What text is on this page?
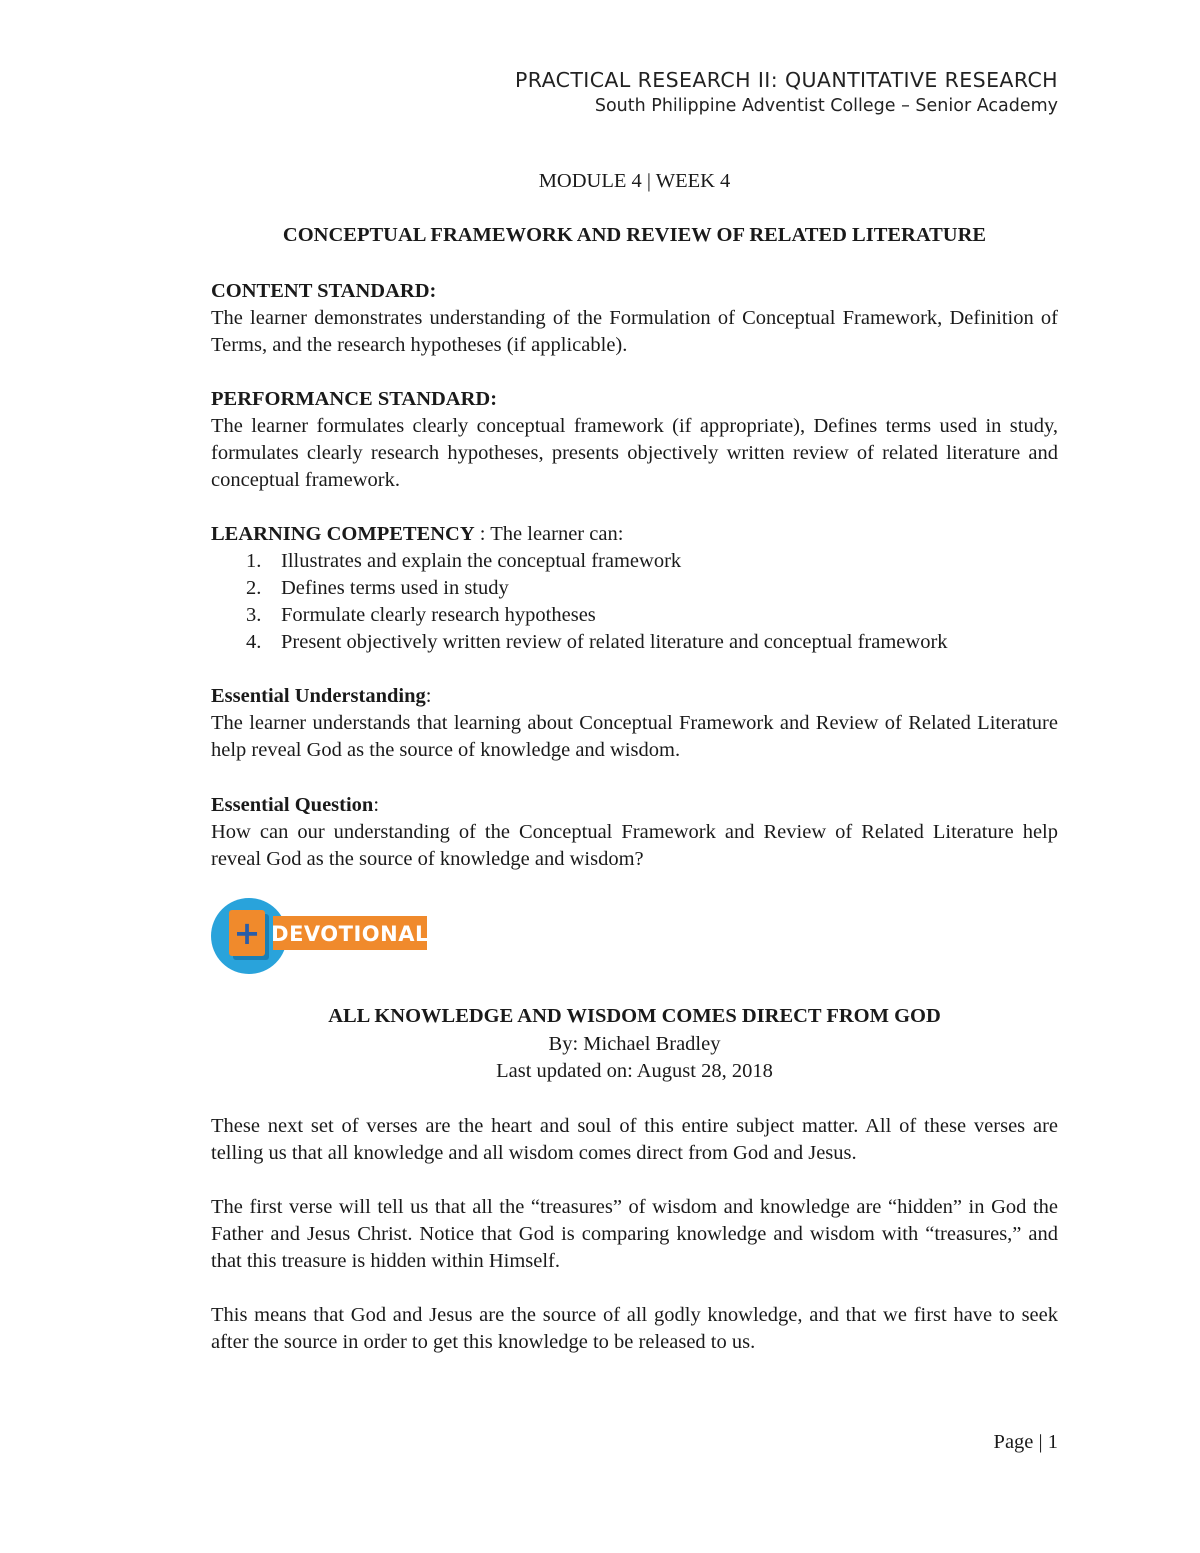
PRACTICAL RESEARCH II: QUANTITATIVE RESEARCH
South Philippine Adventist College – Senior Academy
MODULE 4 | WEEK 4
CONCEPTUAL FRAMEWORK AND REVIEW OF RELATED LITERATURE
CONTENT STANDARD:
The learner demonstrates understanding of the Formulation of Conceptual Framework, Definition of Terms, and the research hypotheses (if applicable).
PERFORMANCE STANDARD:
The learner formulates clearly conceptual framework (if appropriate), Defines terms used in study, formulates clearly research hypotheses, presents objectively written review of related literature and conceptual framework.
LEARNING COMPETENCY : The learner can:
1. Illustrates and explain the conceptual framework
2. Defines terms used in study
3. Formulate clearly research hypotheses
4. Present objectively written review of related literature and conceptual framework
Essential Understanding:
The learner understands that learning about Conceptual Framework and Review of Related Literature help reveal God as the source of knowledge and wisdom.
Essential Question:
How can our understanding of the Conceptual Framework and Review of Related Literature help reveal God as the source of knowledge and wisdom?
+ DEVOTIONAL
ALL KNOWLEDGE AND WISDOM COMES DIRECT FROM GOD
By: Michael Bradley
Last updated on: August 28, 2018
These next set of verses are the heart and soul of this entire subject matter. All of these verses are telling us that all knowledge and all wisdom comes direct from God and Jesus.
The first verse will tell us that all the “treasures” of wisdom and knowledge are “hidden” in God the Father and Jesus Christ. Notice that God is comparing knowledge and wisdom with “treasures,” and that this treasure is hidden within Himself.
This means that God and Jesus are the source of all godly knowledge, and that we first have to seek after the source in order to get this knowledge to be released to us.
Page | 1
